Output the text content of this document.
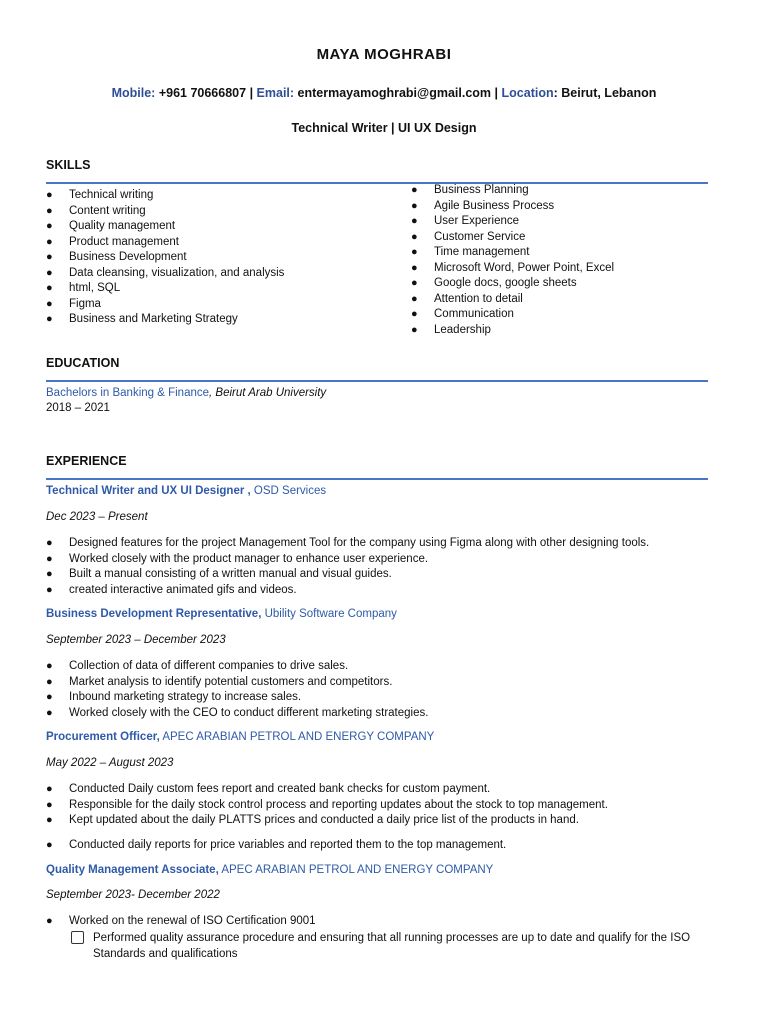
MAYA MOGHRABI
Mobile: +961 70666807 | Email: entermayamoghrabi@gmail.com | Location: Beirut, Lebanon
Technical Writer | UI UX Design
SKILLS
● Technical writing
● Content writing
● Quality management
● Product management
● Business Development
● Data cleansing, visualization, and analysis
● html, SQL
● Figma
● Business and Marketing Strategy
● Business Planning
● Agile Business Process
● User Experience
● Customer Service
● Time management
● Microsoft Word, Power Point, Excel
● Google docs, google sheets
● Attention to detail
● Communication
● Leadership
EDUCATION
Bachelors in Banking & Finance, Beirut Arab University
2018 – 2021
EXPERIENCE
Technical Writer and UX UI Designer , OSD Services
Dec 2023 – Present
● Designed features for the project Management Tool for the company using Figma along with other designing tools.
● Worked closely with the product manager to enhance user experience.
● Built a manual consisting of a written manual and visual guides.
● created interactive animated gifs and videos.
Business Development Representative, Ubility Software Company
September 2023 – December 2023
● Collection of data of different companies to drive sales.
● Market analysis to identify potential customers and competitors.
● Inbound marketing strategy to increase sales.
● Worked closely with the CEO to conduct different marketing strategies.
Procurement Officer, APEC ARABIAN PETROL AND ENERGY COMPANY
May 2022 – August 2023
● Conducted Daily custom fees report and created bank checks for custom payment.
● Responsible for the daily stock control process and reporting updates about the stock to top management.
● Kept updated about the daily PLATTS prices and conducted a daily price list of the products in hand.
● Conducted daily reports for price variables and reported them to the top management.
Quality Management Associate, APEC ARABIAN PETROL AND ENERGY COMPANY
September 2023- December 2022
● Worked on the renewal of ISO Certification 9001
Performed quality assurance procedure and ensuring that all running processes are up to date and qualify for the ISO Standards and qualifications
